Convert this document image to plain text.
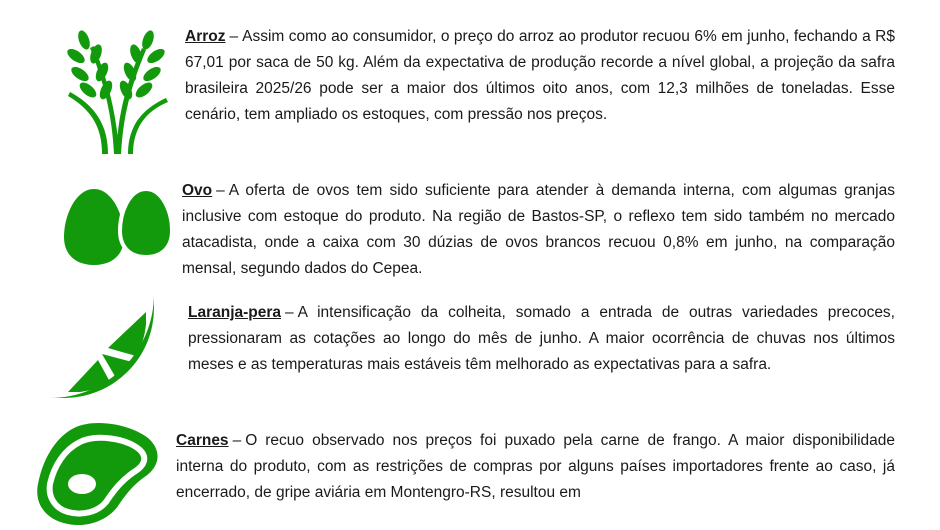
Arroz – Assim como ao consumidor, o preço do arroz ao produtor recuou 6% em junho, fechando a R$ 67,01 por saca de 50 kg. Além da expectativa de produção recorde a nível global, a projeção da safra brasileira 2025/26 pode ser a maior dos últimos oito anos, com 12,3 milhões de toneladas. Esse cenário, tem ampliado os estoques, com pressão nos preços.
Ovo – A oferta de ovos tem sido suficiente para atender à demanda interna, com algumas granjas inclusive com estoque do produto. Na região de Bastos-SP, o reflexo tem sido também no mercado atacadista, onde a caixa com 30 dúzias de ovos brancos recuou 0,8% em junho, na comparação mensal, segundo dados do Cepea.
Laranja-pera – A intensificação da colheita, somado a entrada de outras variedades precoces, pressionaram as cotações ao longo do mês de junho. A maior ocorrência de chuvas nos últimos meses e as temperaturas mais estáveis têm melhorado as expectativas para a safra.
Carnes – O recuo observado nos preços foi puxado pela carne de frango. A maior disponibilidade interna do produto, com as restrições de compras por alguns países importadores frente ao caso, já encerrado, de gripe aviária em Montengro-RS, resultou em
